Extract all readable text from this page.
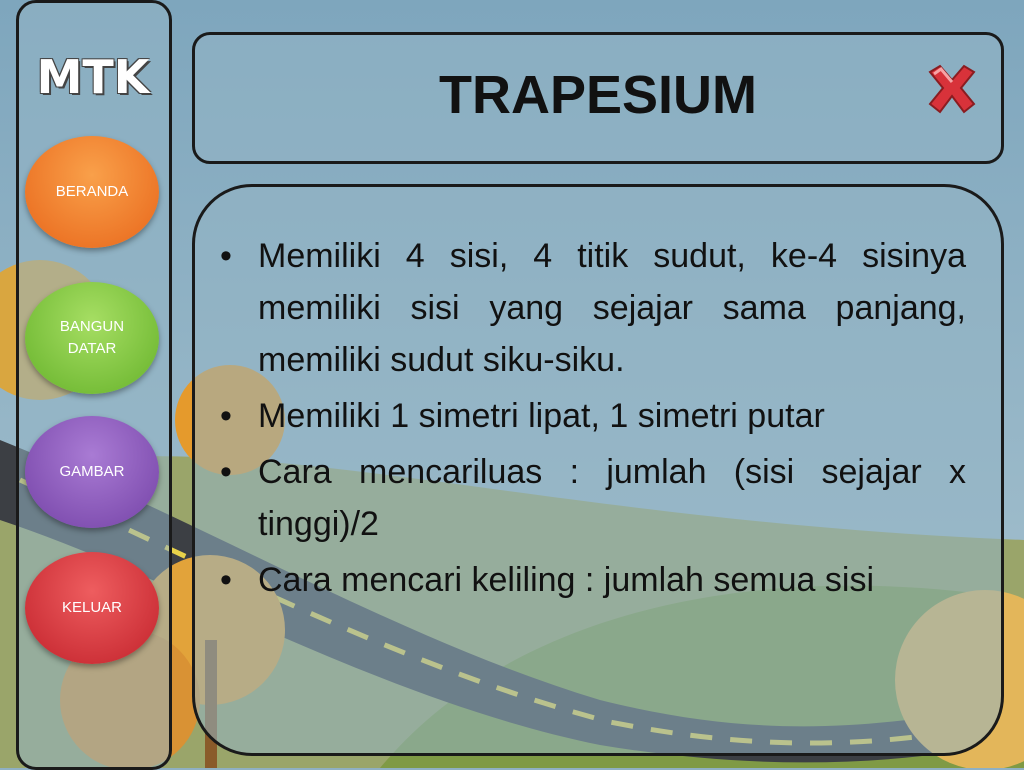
MTK
BERANDA
BANGUN
DATAR
GAMBAR
KELUAR
TRAPESIUM
• Memiliki 4 sisi, 4 titik sudut, ke-4 sisinya memiliki sisi yang sejajar sama panjang, memiliki sudut siku-siku.
• Memiliki 1 simetri lipat, 1 simetri putar
• Cara mencariluas : jumlah (sisi sejajar x tinggi)/2
• Cara mencari keliling : jumlah semua sisi
